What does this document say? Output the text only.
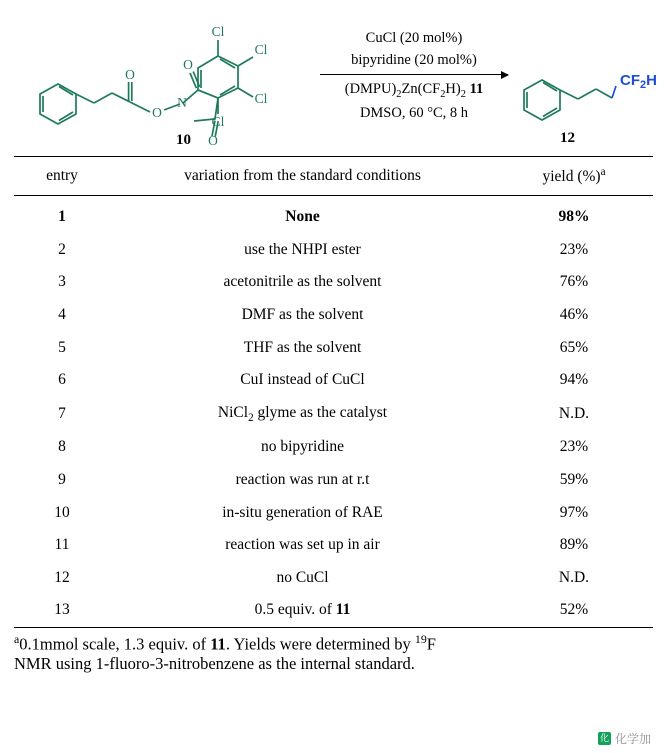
O
O
N
O
O
Cl
Cl
Cl
Cl
10
CuCl (20 mol%)
bipyridine (20 mol%)
$(DMPU)_2Zn(CF_2H)_2$ 11
DMSO, 60 °C, 8 h
$CF_2H$
12
entry	variation from the standard conditions	yield (%)$^a$
1	None	98%
2	use the NHPI ester	23%
3	acetonitrile as the solvent	76%
4	DMF as the solvent	46%
5	THF as the solvent	65%
6	CuI instead of CuCl	94%
7	NiCl$_2$ glyme as the catalyst	N.D.
8	no bipyridine	23%
9	reaction was run at r.t	59%
10	in-situ generation of RAE	97%
11	reaction was set up in air	89%
12	no CuCl	N.D.
13	0.5 equiv. of 11	52%
$^a$0.1mmol scale, 1.3 equiv. of 11. Yields were determined by $^{19}$F
NMR using 1-fluoro-3-nitrobenzene as the internal standard.
化 化学加
